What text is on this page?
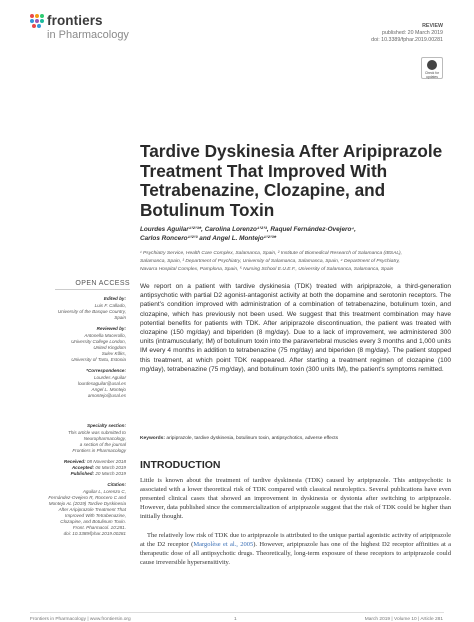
frontiers
in Pharmacology
REVIEW
published: 20 March 2019
doi: 10.3389/fphar.2019.00281
Check for updates
Tardive Dyskinesia After Aripiprazole
Treatment That Improved With
Tetrabenazine, Clozapine, and
Botulinum Toxin
Lourdes Aguilar¹ʼ²ʼ³*, Carolina Lorenzo¹ʼ²ʼ³, Raquel Fernández-Ovejero⁴,
Carlos Roncero¹ʼ²ʼ³ and Angel L. Montejo¹ʼ²ʼ³*
¹ Psychiatry Service, Health Care Complex, Salamanca, Spain, ² Institute of Biomedical Research of Salamanca (IBSAL),
Salamanca, Spain, ³ Department of Psychiatry, University of Salamanca, Salamanca, Spain, ⁴ Department of Psychiatry,
Navarra Hospital Complex, Pamplona, Spain, ⁵ Nursing School E.U.E.F., University of Salamanca, Salamanca, Spain
OPEN ACCESS
Edited by:
Luis F. Callado,
University of the Basque Country,
Spain
Reviewed by:
Antonella Macerollo,
University College London,
United Kingdom
Sulev Kõks,
University of Tartu, Estonia
*Correspondence:
Lourdes Aguilar
lourdesaguilar@usal.es
Angel L. Montejo
amontejo@usal.es
Specialty section:
This article was submitted to
Neuropharmacology,
a section of the journal
Frontiers in Pharmacology
Received: 08 November 2018
Accepted: 06 March 2019
Published: 20 March 2019
Citation:
Aguilar L, Lorenzo C,
Fernández-Ovejero R, Roncero C and
Montejo AL (2019) Tardive Dyskinesia
After Aripiprazole Treatment That
Improved With Tetrabenazine,
Clozapine, and Botulinum Toxin.
Front. Pharmacol. 10:281.
doi: 10.3389/fphar.2019.00281
We report on a patient with tardive dyskinesia (TDK) treated with aripiprazole, a third-generation antipsychotic with partial D2 agonist-antagonist activity at both the dopamine and serotonin receptors. The patient’s condition improved with administration of a combination of tetrabenazine, botulinum toxin, and clozapine, which has previously not been used. We suggest that this treatment combination may have potential benefits for patients with TDK. After aripiprazole discontinuation, the patient was treated with clozapine (150 mg/day) and biperiden (8 mg/day). Due to a lack of improvement, we administered 300 units (intramuscularly; IM) of botulinum toxin into the paravertebral muscles every 3 months and 1,000 units IM every 4 months in addition to tetrabenazine (75 mg/day) and biperiden (8 mg/day). The patient stopped this treatment, at which point TDK reappeared. After starting a treatment regimen of clozapine (100 mg/day), tetrabenazine (75 mg/day), and botulinum toxin (300 units IM), the patient’s symptoms remitted.
Keywords: aripiprazole, tardive dyskinesia, botulinum toxin, antipsychotics, adverse effects
INTRODUCTION
Little is known about the treatment of tardive dyskinesia (TDK) caused by aripiprazole. This antipsychotic is associated with a lower theoretical risk of TDK compared with classical neuroleptics. Several publications have even presented clinical cases that showed an improvement in dyskinesia or dystonia after switching to aripiprazole. However, data published since the commercialization of aripiprazole suggest that the risk of TDK could be higher than initially thought.
The relatively low risk of TDK due to aripiprazole is attributed to the unique partial agonistic activity of aripiprazole at the D2 receptor (Margolèse et al., 2005). However, aripiprazole has one of the highest D2 receptor affinities at a therapeutic dose of all antipsychotic drugs. Theoretically, long-term exposure of these receptors to aripiprazole could cause irreversible hypersensitivity.
Frontiers in Pharmacology | www.frontiersin.org	1	March 2019 | Volume 10 | Article 281
